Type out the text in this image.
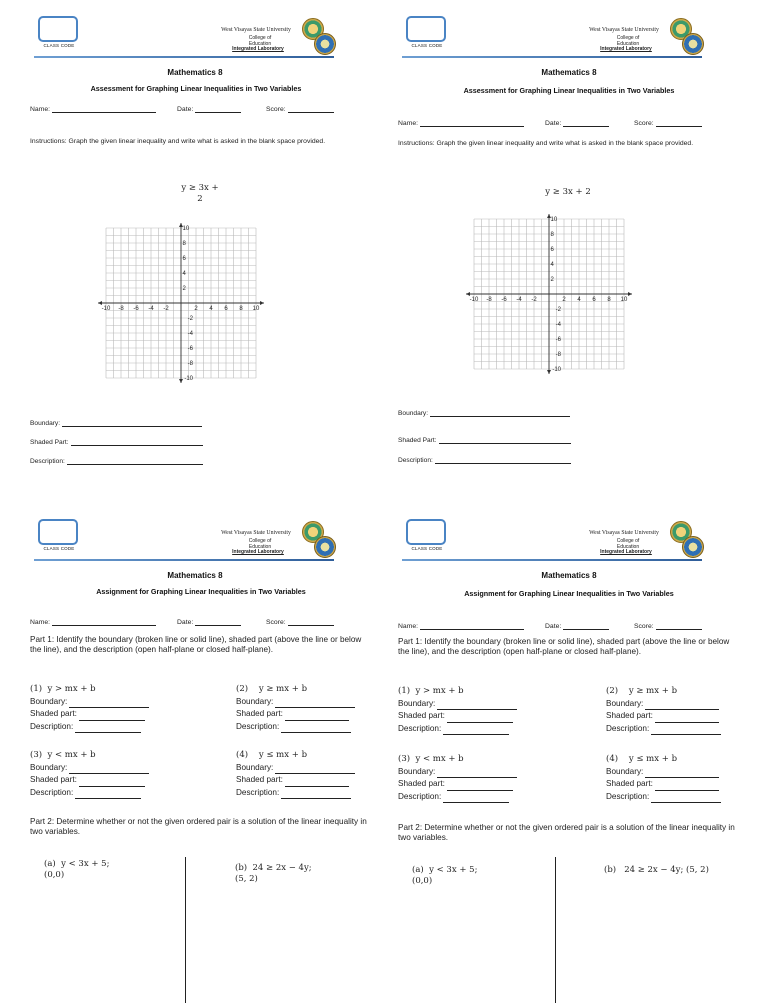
CLASS CODE
West Visayas State University
College of
Education
Integrated Laboratory
Mathematics 8
Assessment for Graphing Linear Inequalities in Two Variables
Name:	Date:	Score:
Instructions: Graph the given linear inequality and write what is asked in the blank space provided.
y ≥ 3x +
2
-10 -8 -6 -4 -2	2 4 6 8 10
10
8
6
4
2
-2
-4
-6
-8
-10
Boundary:
Shaded Part:
Description:
CLASS CODE
West Visayas State University
College of
Education
Integrated Laboratory
Mathematics 8
Assessment for Graphing Linear Inequalities in Two Variables
Name:	Date:	Score:
Instructions: Graph the given linear inequality and write what is asked in the blank space provided.
y ≥ 3x + 2
-10 -8 -6 -4 -2	2 4 6 8 10
10
8
6
4
2
-2
-4
-6
-8
-10
Boundary:
Shaded Part:
Description:
CLASS CODE
West Visayas State University
College of
Education
Integrated Laboratory
Mathematics 8
Assignment for Graphing Linear Inequalities in Two Variables
Name:	Date:	Score:
Part 1: Identify the boundary (broken line or solid line), shaded part (above the line or below the line), and the description (open half-plane or closed half-plane).
(1) y > mx + b
Boundary:
Shaded part:
Description:
(2) y ≥ mx + b
Boundary:
Shaded part:
Description:
(3) y < mx + b
Boundary:
Shaded part:
Description:
(4) y ≤ mx + b
Boundary:
Shaded part:
Description:
Part 2: Determine whether or not the given ordered pair is a solution of the linear inequality in two variables.
(a) y < 3x + 5;
(0,0)
(b) 24 ≥ 2x − 4y;
(5, 2)
CLASS CODE
West Visayas State University
College of
Education
Integrated Laboratory
Mathematics 8
Assignment for Graphing Linear Inequalities in Two Variables
Name:	Date:	Score:
Part 1: Identify the boundary (broken line or solid line), shaded part (above the line or below the line), and the description (open half-plane or closed half-plane).
(1) y > mx + b
Boundary:
Shaded part:
Description:
(2) y ≥ mx + b
Boundary:
Shaded part:
Description:
(3) y < mx + b
Boundary:
Shaded part:
Description:
(4) y ≤ mx + b
Boundary:
Shaded part:
Description:
Part 2: Determine whether or not the given ordered pair is a solution of the linear inequality in two variables.
(a) y < 3x + 5;
(0,0)
(b) 24 ≥ 2x − 4y; (5, 2)
